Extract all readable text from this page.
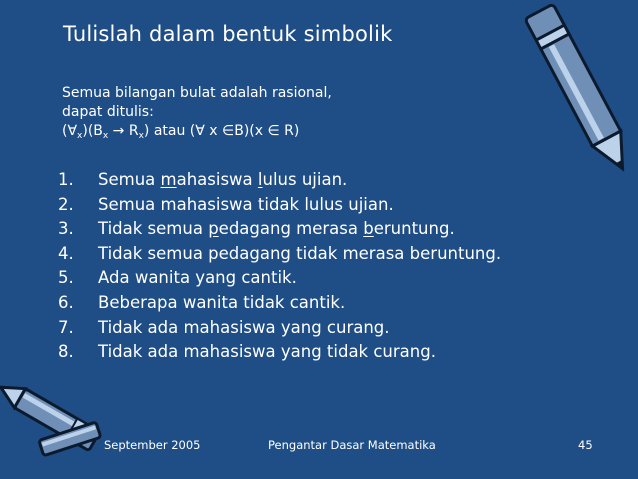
Tulislah dalam bentuk simbolik
Semua bilangan bulat adalah rasional,
dapat ditulis:
$(\forall_x)(B_x \to R_x)$ atau (∀ x ∈B)(x ∈ R)
1. Semua mahasiswa lulus ujian.
2. Semua mahasiswa tidak lulus ujian.
3. Tidak semua pedagang merasa beruntung.
4. Tidak semua pedagang tidak merasa beruntung.
5. Ada wanita yang cantik.
6. Beberapa wanita tidak cantik.
7. Tidak ada mahasiswa yang curang.
8. Tidak ada mahasiswa yang tidak curang.
September 2005	Pengantar Dasar Matematika	45
